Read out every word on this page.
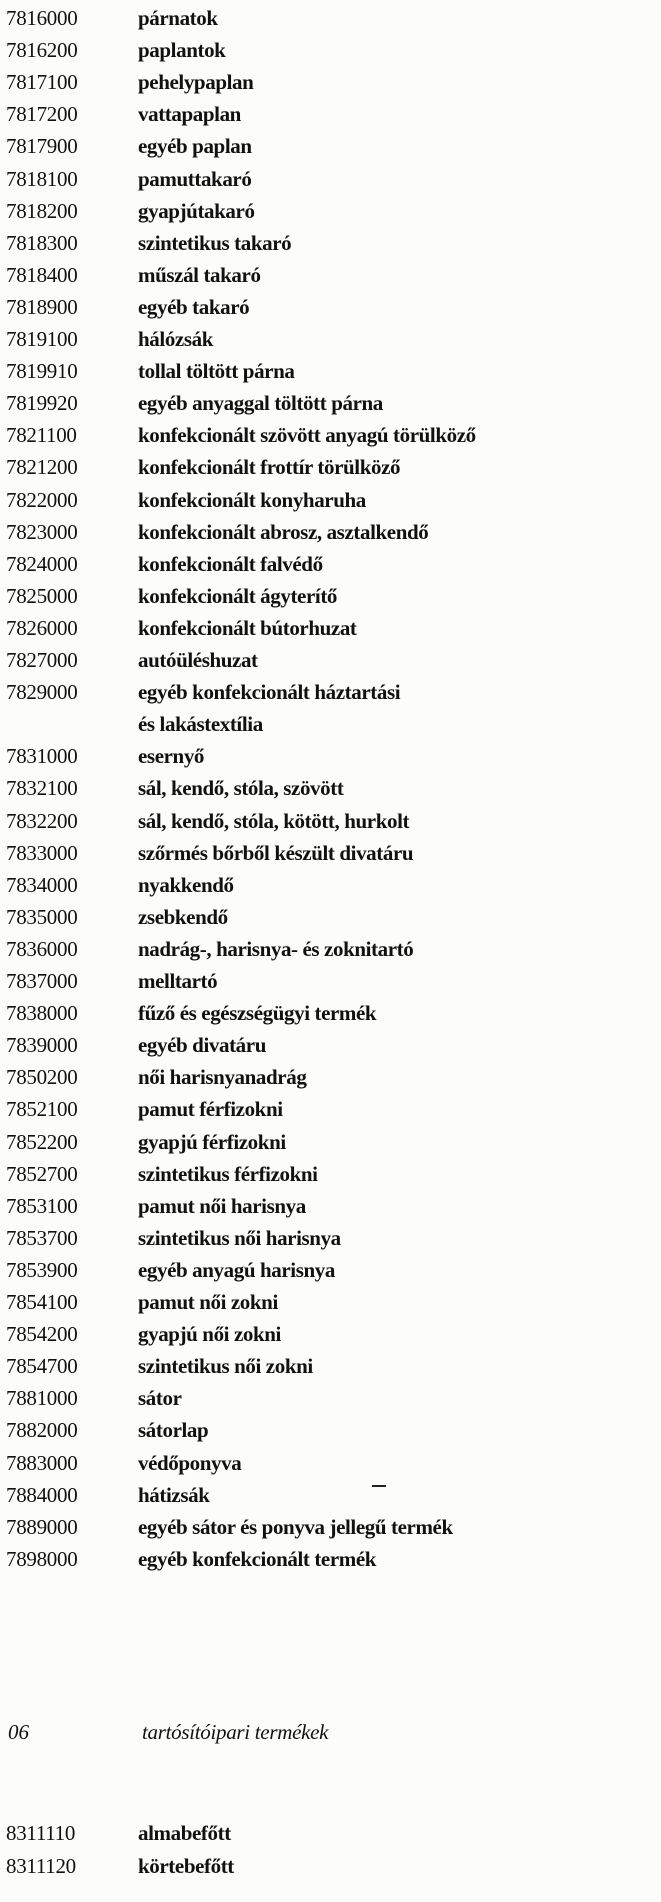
7816000	párnatok
7816200	paplantok
7817100	pehelypaplan
7817200	vattapaplan
7817900	egyéb paplan
7818100	pamuttakaró
7818200	gyapjútakaró
7818300	szintetikus takaró
7818400	műszál takaró
7818900	egyéb takaró
7819100	hálózsák
7819910	tollal töltött párna
7819920	egyéb anyaggal töltött párna
7821100	konfekcionált szövött anyagú törülköző
7821200	konfekcionált frottír törülköző
7822000	konfekcionált konyharuha
7823000	konfekcionált abrosz, asztalkendő
7824000	konfekcionált falvédő
7825000	konfekcionált ágyterítő
7826000	konfekcionált bútorhuzat
7827000	autóüléshuzat
7829000	egyéb konfekcionált háztartási
és lakástextília
7831000	esernyő
7832100	sál, kendő, stóla, szövött
7832200	sál, kendő, stóla, kötött, hurkolt
7833000	szőrmés bőrből készült divatáru
7834000	nyakkendő
7835000	zsebkendő
7836000	nadrág-, harisnya- és zoknitartó
7837000	melltartó
7838000	fűző és egészségügyi termék
7839000	egyéb divatáru
7850200	női harisnyanadrág
7852100	pamut férfizokni
7852200	gyapjú férfizokni
7852700	szintetikus férfizokni
7853100	pamut női harisnya
7853700	szintetikus női harisnya
7853900	egyéb anyagú harisnya
7854100	pamut női zokni
7854200	gyapjú női zokni
7854700	szintetikus női zokni
7881000	sátor
7882000	sátorlap
7883000	védőponyva
7884000	hátizsák
7889000	egyéb sátor és ponyva jellegű termék
7898000	egyéb konfekcionált termék
06	tartósítóipari termékek
8311110	almabefőtt
8311120	körtebefőtt
